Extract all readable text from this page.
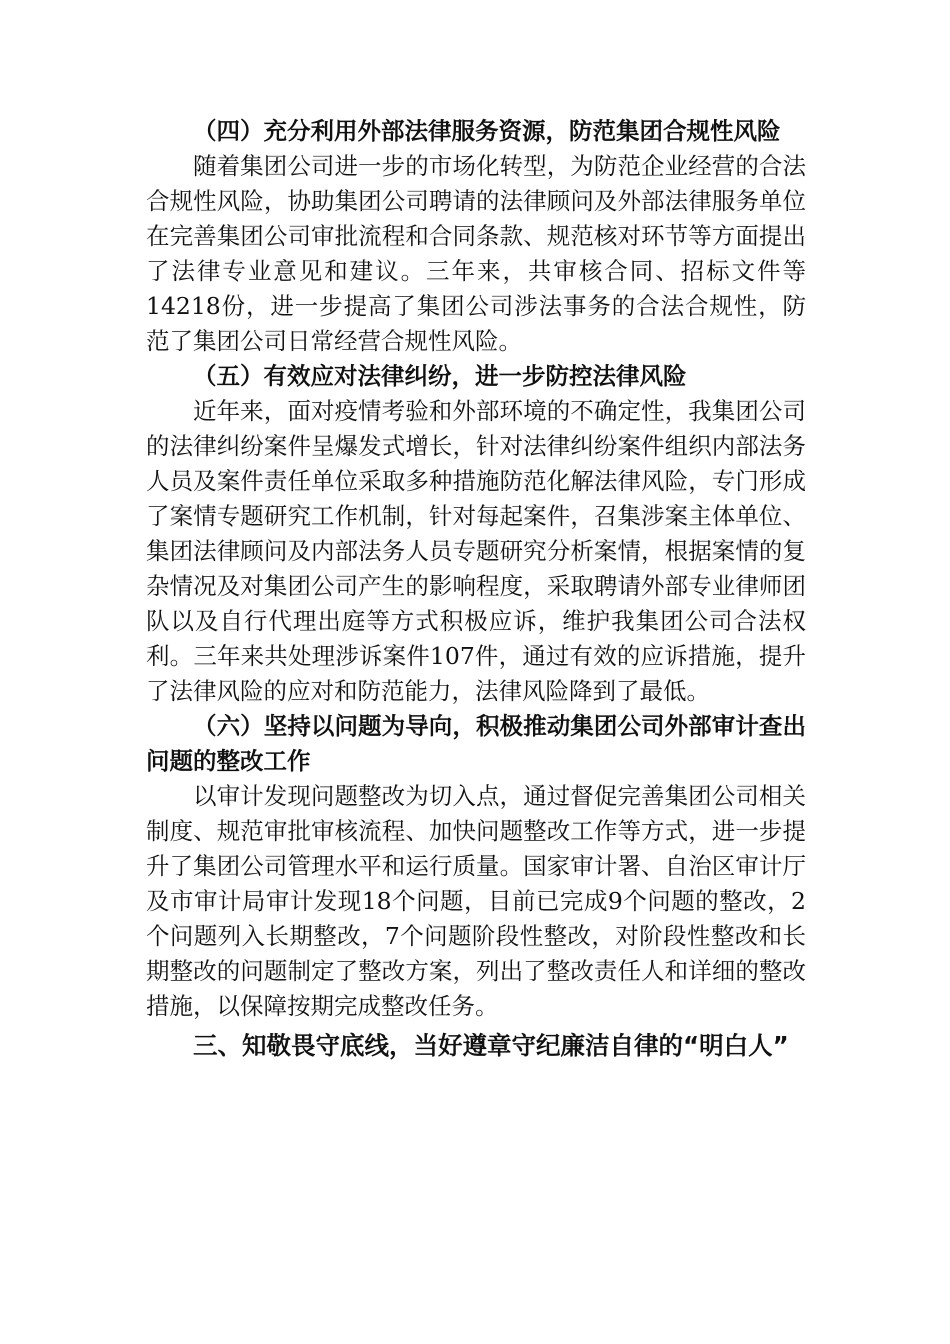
（四）充分利用外部法律服务资源，防范集团合规性风险

随着集团公司进一步的市场化转型，为防范企业经营的合法合规性风险，协助集团公司聘请的法律顾问及外部法律服务单位在完善集团公司审批流程和合同条款、规范核对环节等方面提出了法律专业意见和建议。三年来，共审核合同、招标文件等14218份，进一步提高了集团公司涉法事务的合法合规性，防范了集团公司日常经营合规性风险。

（五）有效应对法律纠纷，进一步防控法律风险

近年来，面对疫情考验和外部环境的不确定性，我集团公司的法律纠纷案件呈爆发式增长，针对法律纠纷案件组织内部法务人员及案件责任单位采取多种措施防范化解法律风险，专门形成了案情专题研究工作机制，针对每起案件，召集涉案主体单位、集团法律顾问及内部法务人员专题研究分析案情，根据案情的复杂情况及对集团公司产生的影响程度，采取聘请外部专业律师团队以及自行代理出庭等方式积极应诉，维护我集团公司合法权利。三年来共处理涉诉案件107件，通过有效的应诉措施，提升了法律风险的应对和防范能力，法律风险降到了最低。

（六）坚持以问题为导向，积极推动集团公司外部审计查出问题的整改工作

以审计发现问题整改为切入点，通过督促完善集团公司相关制度、规范审批审核流程、加快问题整改工作等方式，进一步提升了集团公司管理水平和运行质量。国家审计署、自治区审计厅及市审计局审计发现18个问题，目前已完成9个问题的整改，2个问题列入长期整改，7个问题阶段性整改，对阶段性整改和长期整改的问题制定了整改方案，列出了整改责任人和详细的整改措施，以保障按期完成整改任务。

三、知敬畏守底线，当好遵章守纪廉洁自律的“明白人”
